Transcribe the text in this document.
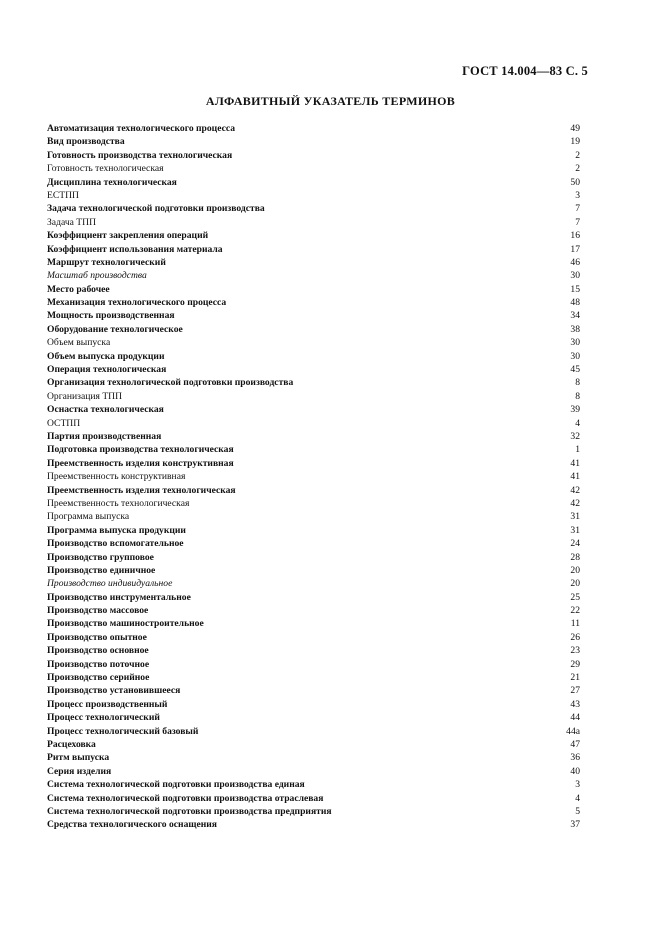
ГОСТ 14.004—83 С. 5
АЛФАВИТНЫЙ УКАЗАТЕЛЬ ТЕРМИНОВ
Автоматизация технологического процесса	49
Вид производства	19
Готовность производства технологическая	2
Готовность технологическая	2
Дисциплина технологическая	50
ЕСТПП	3
Задача технологической подготовки производства	7
Задача ТПП	7
Коэффициент закрепления операций	16
Коэффициент использования материала	17
Маршрут технологический	46
Масштаб производства	30
Место рабочее	15
Механизация технологического процесса	48
Мощность производственная	34
Оборудование технологическое	38
Объем выпуска	30
Объем выпуска продукции	30
Операция технологическая	45
Организация технологической подготовки производства	8
Организация ТПП	8
Оснастка технологическая	39
ОСТПП	4
Партия производственная	32
Подготовка производства технологическая	1
Преемственность изделия конструктивная	41
Преемственность конструктивная	41
Преемственность изделия технологическая	42
Преемственность технологическая	42
Программа выпуска	31
Программа выпуска продукции	31
Производство вспомогательное	24
Производство групповое	28
Производство единичное	20
Производство индивидуальное	20
Производство инструментальное	25
Производство массовое	22
Производство машиностроительное	11
Производство опытное	26
Производство основное	23
Производство поточное	29
Производство серийное	21
Производство установившееся	27
Процесс производственный	43
Процесс технологический	44
Процесс технологический базовый	44а
Расцеховка	47
Ритм выпуска	36
Серия изделия	40
Система технологической подготовки производства единая	3
Система технологической подготовки производства отраслевая	4
Система технологической подготовки производства предприятия	5
Средства технологического оснащения	37
